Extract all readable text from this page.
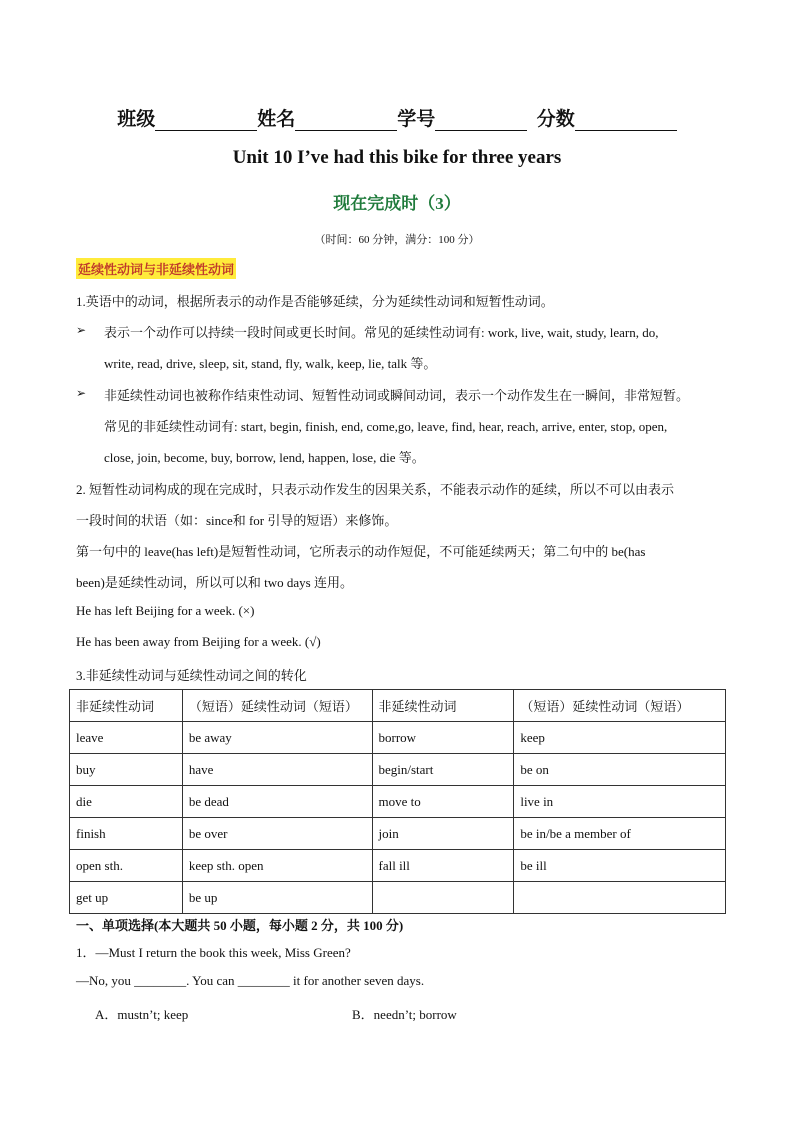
班级	姓名	学号	分数
Unit 10 I’ve had this bike for three years
现在完成时（3）
（时间：60 分钟，满分：100 分）
延续性动词与非延续性动词
1.英语中的动词，根据所表示的动作是否能够延续，分为延续性动词和短暂性动词。
➢ 表示一个动作可以持续一段时间或更长时间。常见的延续性动词有: work, live, wait, study, learn, do,
write, read, drive, sleep, sit, stand, fly, walk, keep, lie, talk 等。
➢ 非延续性动词也被称作结束性动词、短暂性动词或瞬间动词，表示一个动作发生在一瞬间，非常短暂。
常见的非延续性动词有: start, begin, finish, end, come,go, leave, find, hear, reach, arrive, enter, stop, open,
close, join, become, buy, borrow, lend, happen, lose, die 等。
2. 短暂性动词构成的现在完成时，只表示动作发生的因果关系，不能表示动作的延续，所以不可以由表示
一段时间的状语（如：since和 for 引导的短语）来修饰。
第一句中的 leave(has left)是短暂性动词，它所表示的动作短促，不可能延续两天；第二句中的 be(has
been)是延续性动词，所以可以和 two days 连用。
He has left Beijing for a week. (×)
He has been away from Beijing for a week. (√)
3.非延续性动词与延续性动词之间的转化
非延续性动词	（短语）延续性动词（短语）	非延续性动词	（短语）延续性动词（短语）
leave	be away	borrow	keep
buy	have	begin/start	be on
die	be dead	move to	live in
finish	be over	join	be in/be a member of
open sth.	keep sth. open	fall ill	be ill
get up	be up		
一、单项选择(本大题共 50 小题，每小题 2 分，共 100 分)
1．—Must I return the book this week, Miss Green?
—No, you ________. You can ________ it for another seven days.
A．mustn’t; keep	B．needn’t; borrow
